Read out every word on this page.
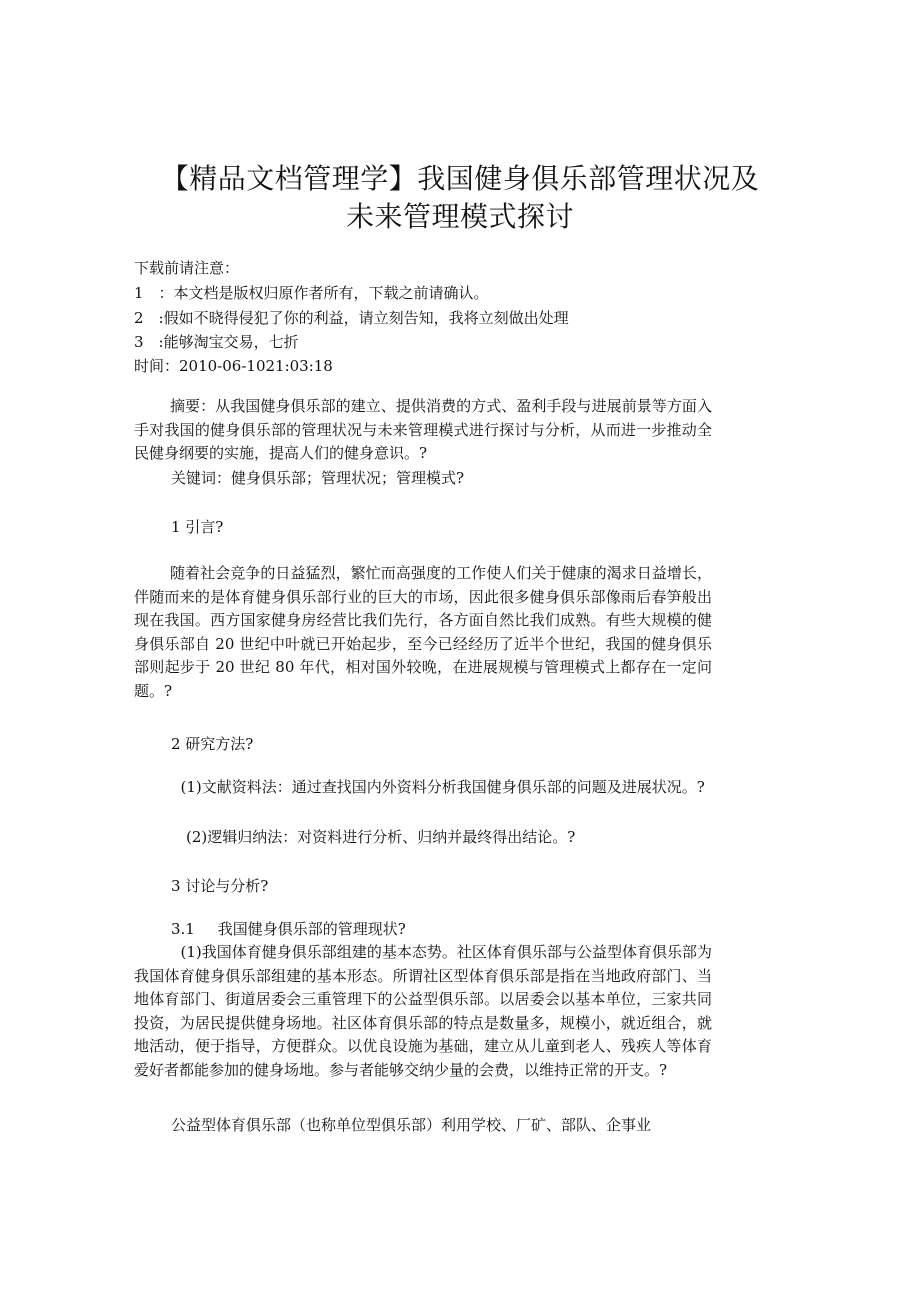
【精品文档管理学】我国健身俱乐部管理状况及
未来管理模式探讨
下载前请注意：
1　：本文档是版权归原作者所有，下载之前请确认。
2　:假如不晓得侵犯了你的利益，请立刻告知，我将立刻做出处理
3　:能够淘宝交易，七折
时间：2010-06-1021:03:18
摘要：从我国健身俱乐部的建立、提供消费的方式、盈利手段与进展前景等方面入手对我国的健身俱乐部的管理状况与未来管理模式进行探讨与分析，从而进一步推动全民健身纲要的实施，提高人们的健身意识。?
关键词：健身俱乐部；管理状况；管理模式?
1 引言?
随着社会竞争的日益猛烈，繁忙而高强度的工作使人们关于健康的渴求日益增长，伴随而来的是体育健身俱乐部行业的巨大的市场，因此很多健身俱乐部像雨后春笋般出现在我国。西方国家健身房经营比我们先行，各方面自然比我们成熟。有些大规模的健身俱乐部自 20 世纪中叶就已开始起步，至今已经经历了近半个世纪，我国的健身俱乐部则起步于 20 世纪 80 年代，相对国外较晚，在进展规模与管理模式上都存在一定问题。?
2 研究方法?
(1)文献资料法：通过查找国内外资料分析我国健身俱乐部的问题及进展状况。?
(2)逻辑归纳法：对资料进行分析、归纳并最终得出结论。?
3 讨论与分析?
3.1 我国健身俱乐部的管理现状?
(1)我国体育健身俱乐部组建的基本态势。社区体育俱乐部与公益型体育俱乐部为我国体育健身俱乐部组建的基本形态。所谓社区型体育俱乐部是指在当地政府部门、当地体育部门、街道居委会三重管理下的公益型俱乐部。以居委会以基本单位，三家共同投资，为居民提供健身场地。社区体育俱乐部的特点是数量多，规模小，就近组合，就地活动，便于指导，方便群众。以优良设施为基础，建立从儿童到老人、残疾人等体育爱好者都能参加的健身场地。参与者能够交纳少量的会费，以维持正常的开支。?
公益型体育俱乐部（也称单位型俱乐部）利用学校、厂矿、部队、企事业
